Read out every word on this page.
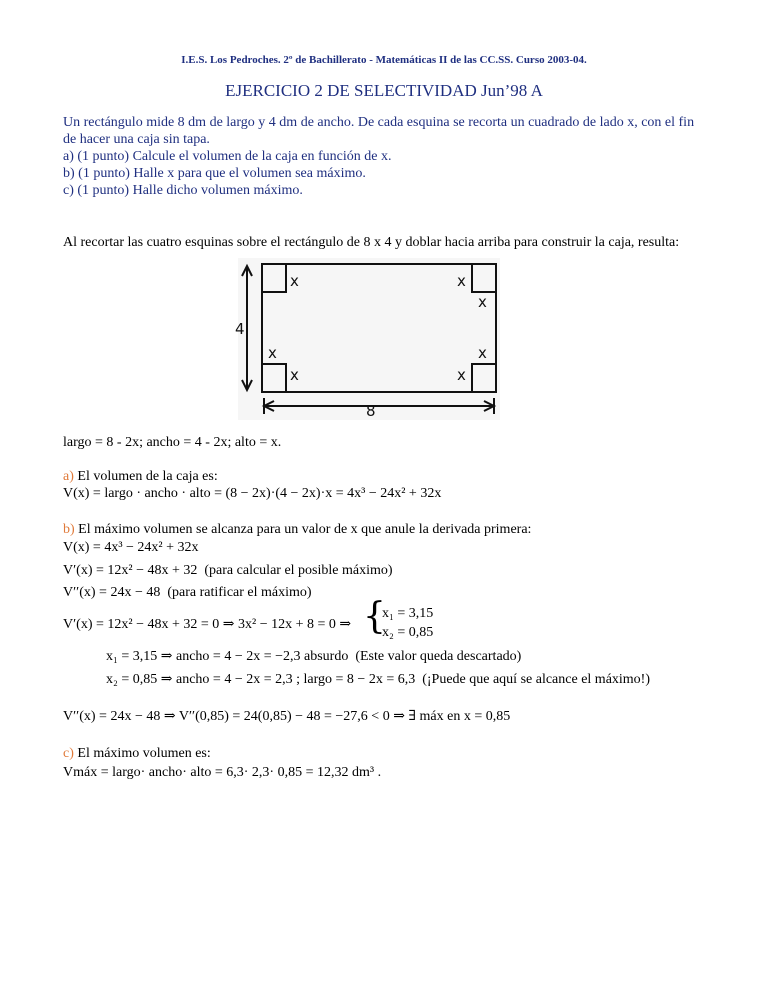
I.E.S. Los Pedroches. 2º de Bachillerato - Matemáticas II de las CC.SS. Curso 2003-04.
EJERCICIO 2 DE SELECTIVIDAD Jun’98 A
Un rectángulo mide 8 dm de largo y 4 dm de ancho. De cada esquina se recorta un cuadrado de lado x, con el fin
de hacer una caja sin tapa.
a) (1 punto) Calcule el volumen de la caja en función de x.
b) (1 punto) Halle x para que el volumen sea máximo.
c) (1 punto) Halle dicho volumen máximo.
Al recortar las cuatro esquinas sobre el rectángulo de 8 x 4 y doblar hacia arriba para construir la caja, resulta:
4
8
x	x
x
x
x
x
x
largo = 8 - 2x; ancho = 4 - 2x; alto = x.
a) El volumen de la caja es:
V(x) = largo · ancho · alto = (8 − 2x)·(4 − 2x)·x = 4x³ − 24x² + 32x
b) El máximo volumen se alcanza para un valor de x que anule la derivada primera:
V(x) = 4x³ − 24x² + 32x
V′(x) = 12x² − 48x + 32 (para calcular el posible máximo)
V′′(x) = 24x − 48 (para ratificar el máximo)
V′(x) = 12x² − 48x + 32 = 0 ⇒ 3x² − 12x + 8 = 0 ⇒ {
x₁ = 3,15
x₂ = 0,85
x₁ = 3,15 ⇒ ancho = 4 − 2x = −2,3 absurdo (Este valor queda descartado)
x₂ = 0,85 ⇒ ancho = 4 − 2x = 2,3 ; largo = 8 − 2x = 6,3 (¡Puede que aquí se alcance el máximo!)
V′′(x) = 24x − 48 ⇒ V′′(0,85) = 24(0,85) − 48 = −27,6 < 0 ⇒ ∃ máx en x = 0,85
c) El máximo volumen es:
Vmáx = largo· ancho· alto = 6,3· 2,3· 0,85 = 12,32 dm³ .
